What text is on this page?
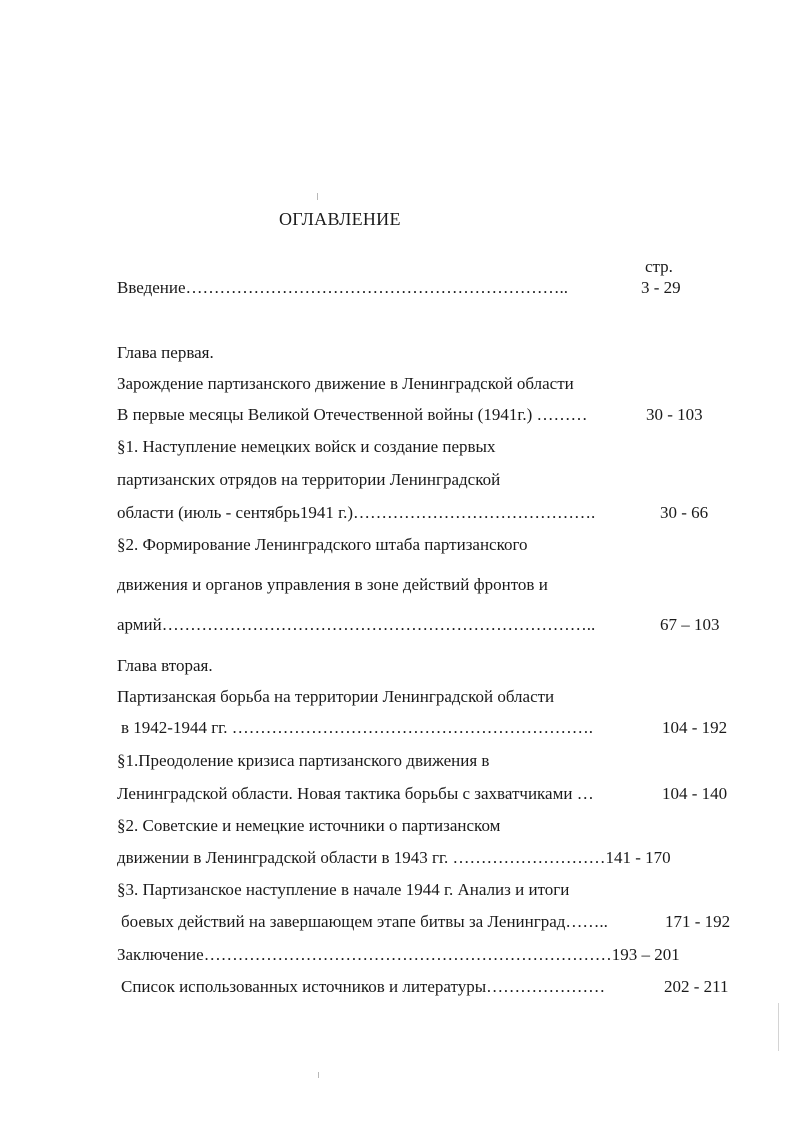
ОГЛАВЛЕНИЕ
стр.
Введение…………………………………………………………..	3 - 29
Глава первая.
Зарождение партизанского движение в Ленинградской области
В первые месяцы Великой Отечественной войны (1941г.) ………	30 - 103
§1. Наступление немецких войск и создание первых
партизанских отрядов на территории Ленинградской
области (июль - сентябрь1941 г.)…………………………………….	30 - 66
§2. Формирование Ленинградского штаба партизанского
движения и органов управления в зоне действий фронтов и
армий…………………………………………………………………..	67 – 103
Глава вторая.
Партизанская борьба на территории Ленинградской области
в 1942-1944 гг. ……………………………………………………….	104 - 192
§1.Преодоление кризиса партизанского движения в
Ленинградской области. Новая тактика борьбы с захватчиками …	104 - 140
§2. Советские и немецкие источники о партизанском
движении в Ленинградской области в 1943 гг. ………………………141 - 170
§3. Партизанское наступление в начале 1944 г. Анализ и итоги
боевых действий на завершающем этапе битвы за Ленинград……..	171 - 192
Заключение………………………………………………………………193 – 201
Список использованных источников и литературы…………………	202 - 211
